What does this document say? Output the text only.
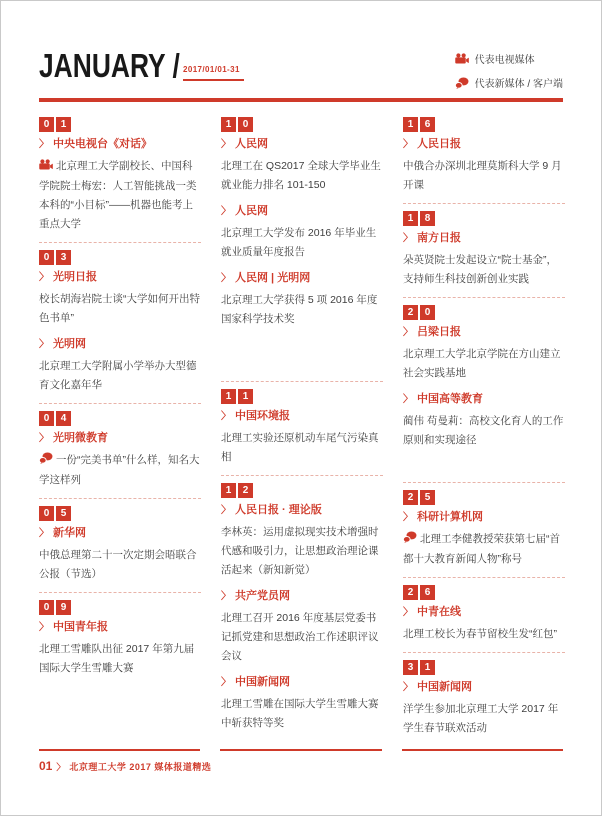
JANUARY / 2017/01/01-31
代表电视媒体
代表新媒体 / 客户端
0	1
〉 中央电视台《对话》

北京理工大学副校长、中国科学院院士梅宏：人工智能挑战一类本科的“小目标”——机器也能考上重点大学

0	3
〉 光明日报

校长胡海岩院士谈“大学如何开出特色书单”

〉 光明网

北京理工大学附属小学举办大型德育文化嘉年华

0	4
〉 光明微教育

一份“完美书单”什么样，知名大学这样列

0	5
〉 新华网

中俄总理第二十一次定期会晤联合公报（节选）

0	9
〉 中国青年报

北理工雪雕队出征 2017 年第九届国际大学生雪雕大赛

1	0
〉 人民网

北理工在 QS2017 全球大学毕业生就业能力排名 101-150

〉 人民网

北京理工大学发布 2016 年毕业生就业质量年度报告

〉 人民网 | 光明网

北京理工大学获得 5 项 2016 年度国家科学技术奖

1	1
〉 中国环境报

北理工实验还原机动车尾气污染真相

1	2
〉 人民日报 · 理论版

李林英：运用虚拟现实技术增强时代感和吸引力，让思想政治理论课活起来（新知新觉）

〉 共产党员网

北理工召开 2016 年度基层党委书记抓党建和思想政治工作述职评议会议

〉 中国新闻网

北理工雪雕在国际大学生雪雕大赛中斩获特等奖

1	6
〉 人民日报

中俄合办深圳北理莫斯科大学 9 月开课

1	8
〉 南方日报

朵英贤院士发起设立“院士基金”，支持师生科技创新创业实践

2	0
〉 吕梁日报

北京理工大学北京学院在方山建立社会实践基地

〉 中国高等教育

蔺伟 苟曼莉：高校文化育人的工作原则和实现途径

2	5
〉 科研计算机网

北理工李健教授荣获第七届“首都十大教育新闻人物”称号

2	6
〉 中青在线

北理工校长为春节留校生发“红包”

3	1
〉 中国新闻网

洋学生参加北京理工大学 2017 年学生春节联欢活动

01 〉 北京理工大学 2017 媒体报道精选
